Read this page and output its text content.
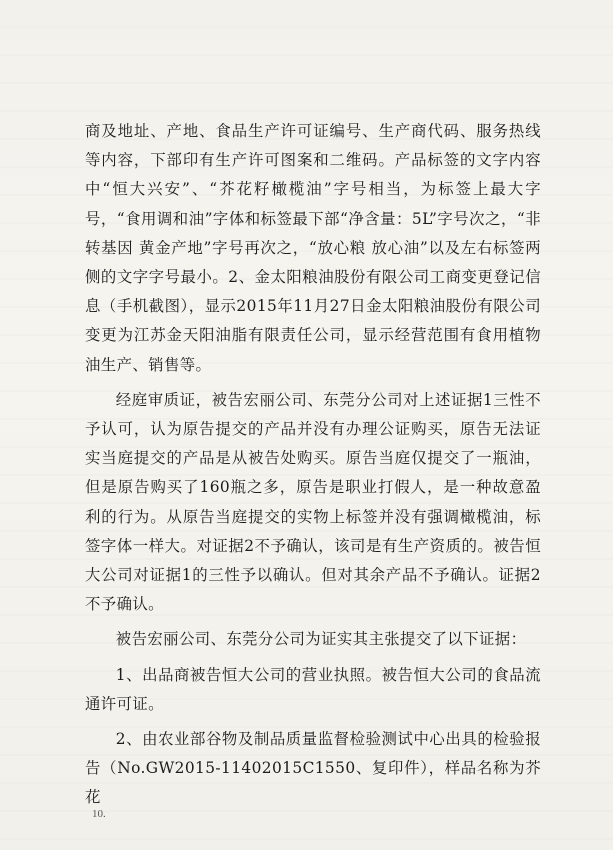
商及地址、产地、食品生产许可证编号、生产商代码、服务热线等内容，下部印有生产许可图案和二维码。产品标签的文字内容中“恒大兴安”、“芥花籽橄榄油”字号相当，为标签上最大字号，“食用调和油”字体和标签最下部“净含量：5L”字号次之，“非转基因 黄金产地”字号再次之，“放心粮 放心油”以及左右标签两侧的文字字号最小。2、金太阳粮油股份有限公司工商变更登记信息（手机截图），显示2015年11月27日金太阳粮油股份有限公司变更为江苏金天阳油脂有限责任公司，显示经营范围有食用植物油生产、销售等。

经庭审质证，被告宏丽公司、东莞分公司对上述证据1三性不予认可，认为原告提交的产品并没有办理公证购买，原告无法证实当庭提交的产品是从被告处购买。原告当庭仅提交了一瓶油，但是原告购买了160瓶之多，原告是职业打假人，是一种故意盈利的行为。从原告当庭提交的实物上标签并没有强调橄榄油，标签字体一样大。对证据2不予确认，该司是有生产资质的。被告恒大公司对证据1的三性予以确认。但对其余产品不予确认。证据2不予确认。

被告宏丽公司、东莞分公司为证实其主张提交了以下证据：

1、出品商被告恒大公司的营业执照。被告恒大公司的食品流通许可证。

2、由农业部谷物及制品质量监督检验测试中心出具的检验报告（No.GW2015-11402015C1550、复印件），样品名称为芥花

10.
